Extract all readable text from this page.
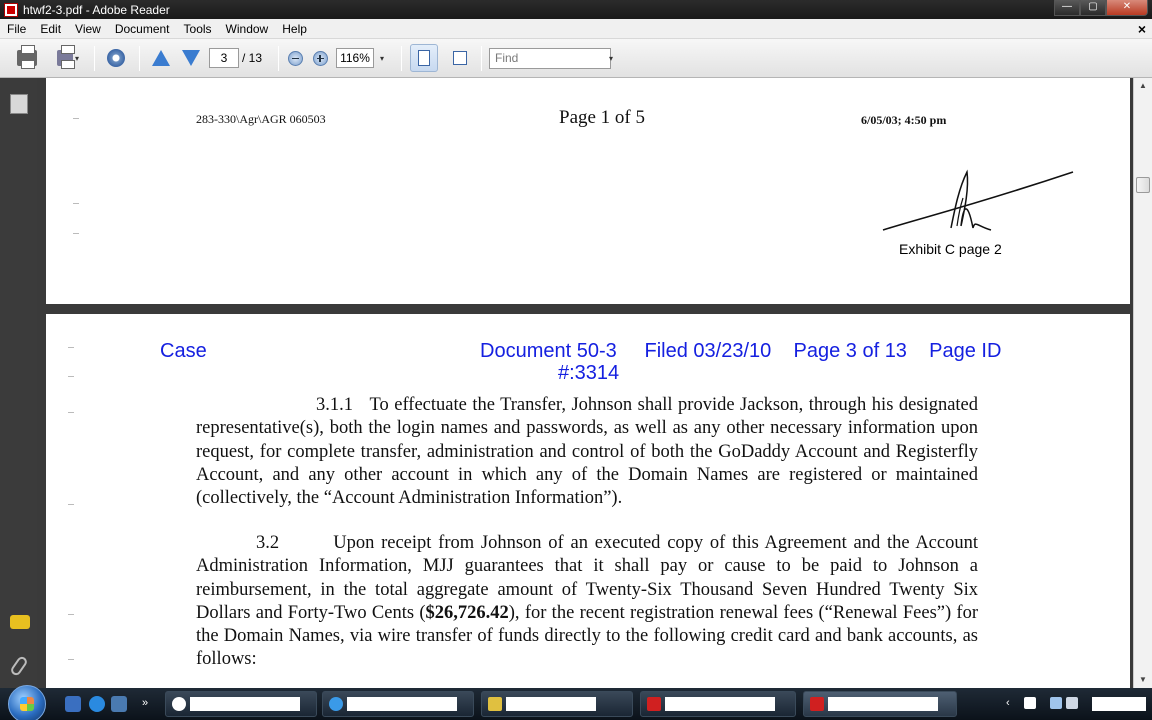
htwf2-3.pdf - Adobe Reader	—	▢	✕
File	Edit	View	Document	Tools	Window	Help	×
▾	3	/ 13	116%	▾	Find	▾
283-330\Agr\AGR 060503	Page 1 of 5	6/05/03; 4:50 pm
Exhibit C page 2
Case	Document 50-3     Filed 03/23/10    Page 3 of 13    Page ID
#:3314
3.1.1 To effectuate the Transfer, Johnson shall provide Jackson, through his designated representative(s), both the login names and passwords, as well as any other necessary information upon request, for complete transfer, administration and control of both the GoDaddy Account and Registerfly Account, and any other account in which any of the Domain Names are registered or maintained (collectively, the “Account Administration Information”).
3.2	Upon receipt from Johnson of an executed copy of this Agreement and the Account Administration Information, MJJ guarantees that it shall pay or cause to be paid to Johnson a reimbursement, in the total aggregate amount of Twenty-Six Thousand Seven Hundred Twenty Six Dollars and Forty-Two Cents ($26,726.42), for the recent registration renewal fees (“Renewal Fees”) for the Domain Names, via wire transfer of funds directly to the following credit card and bank accounts, as follows:
▲
▼
»	‹
